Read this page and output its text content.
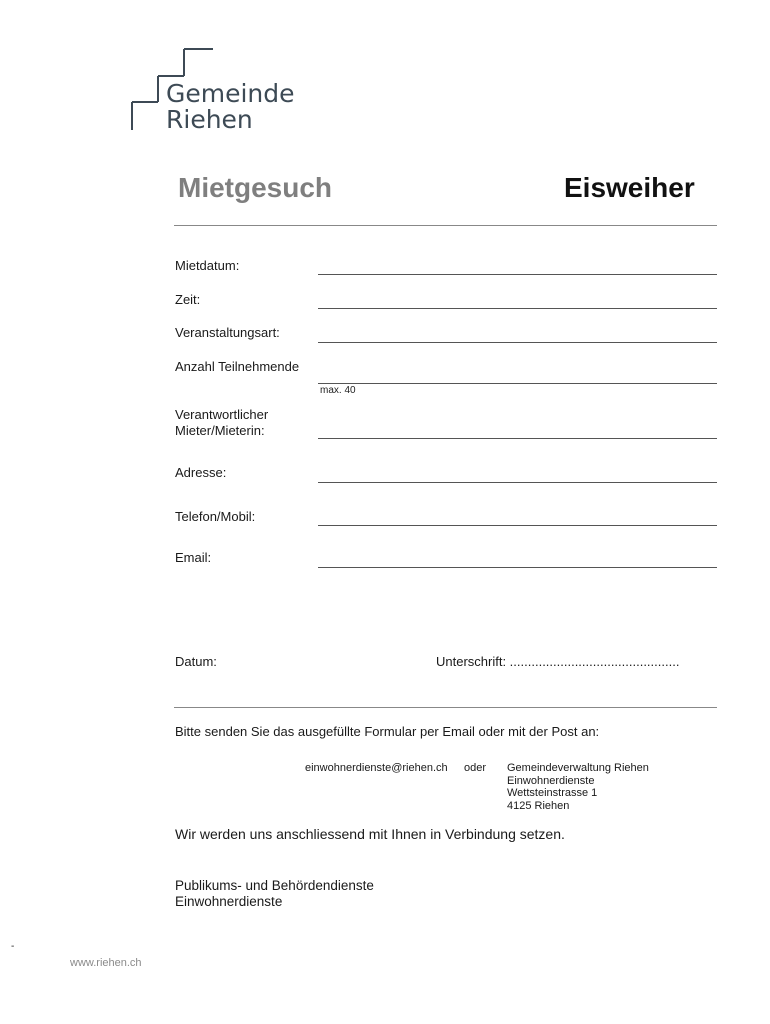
Gemeinde
Riehen
Mietgesuch	Eisweiher
Mietdatum:
Zeit:
Veranstaltungsart:
Anzahl Teilnehmende
max. 40
Verantwortlicher
Mieter/Mieterin:
Adresse:
Telefon/Mobil:
Email:
Datum:	Unterschrift: ...............................................
Bitte senden Sie das ausgefüllte Formular per Email oder mit der Post an:
einwohnerdienste@riehen.ch oder Gemeindeverwaltung Riehen
Einwohnerdienste
Wettsteinstrasse 1
4125 Riehen
Wir werden uns anschliessend mit Ihnen in Verbindung setzen.
Publikums- und Behördendienste
Einwohnerdienste
-
www.riehen.ch
